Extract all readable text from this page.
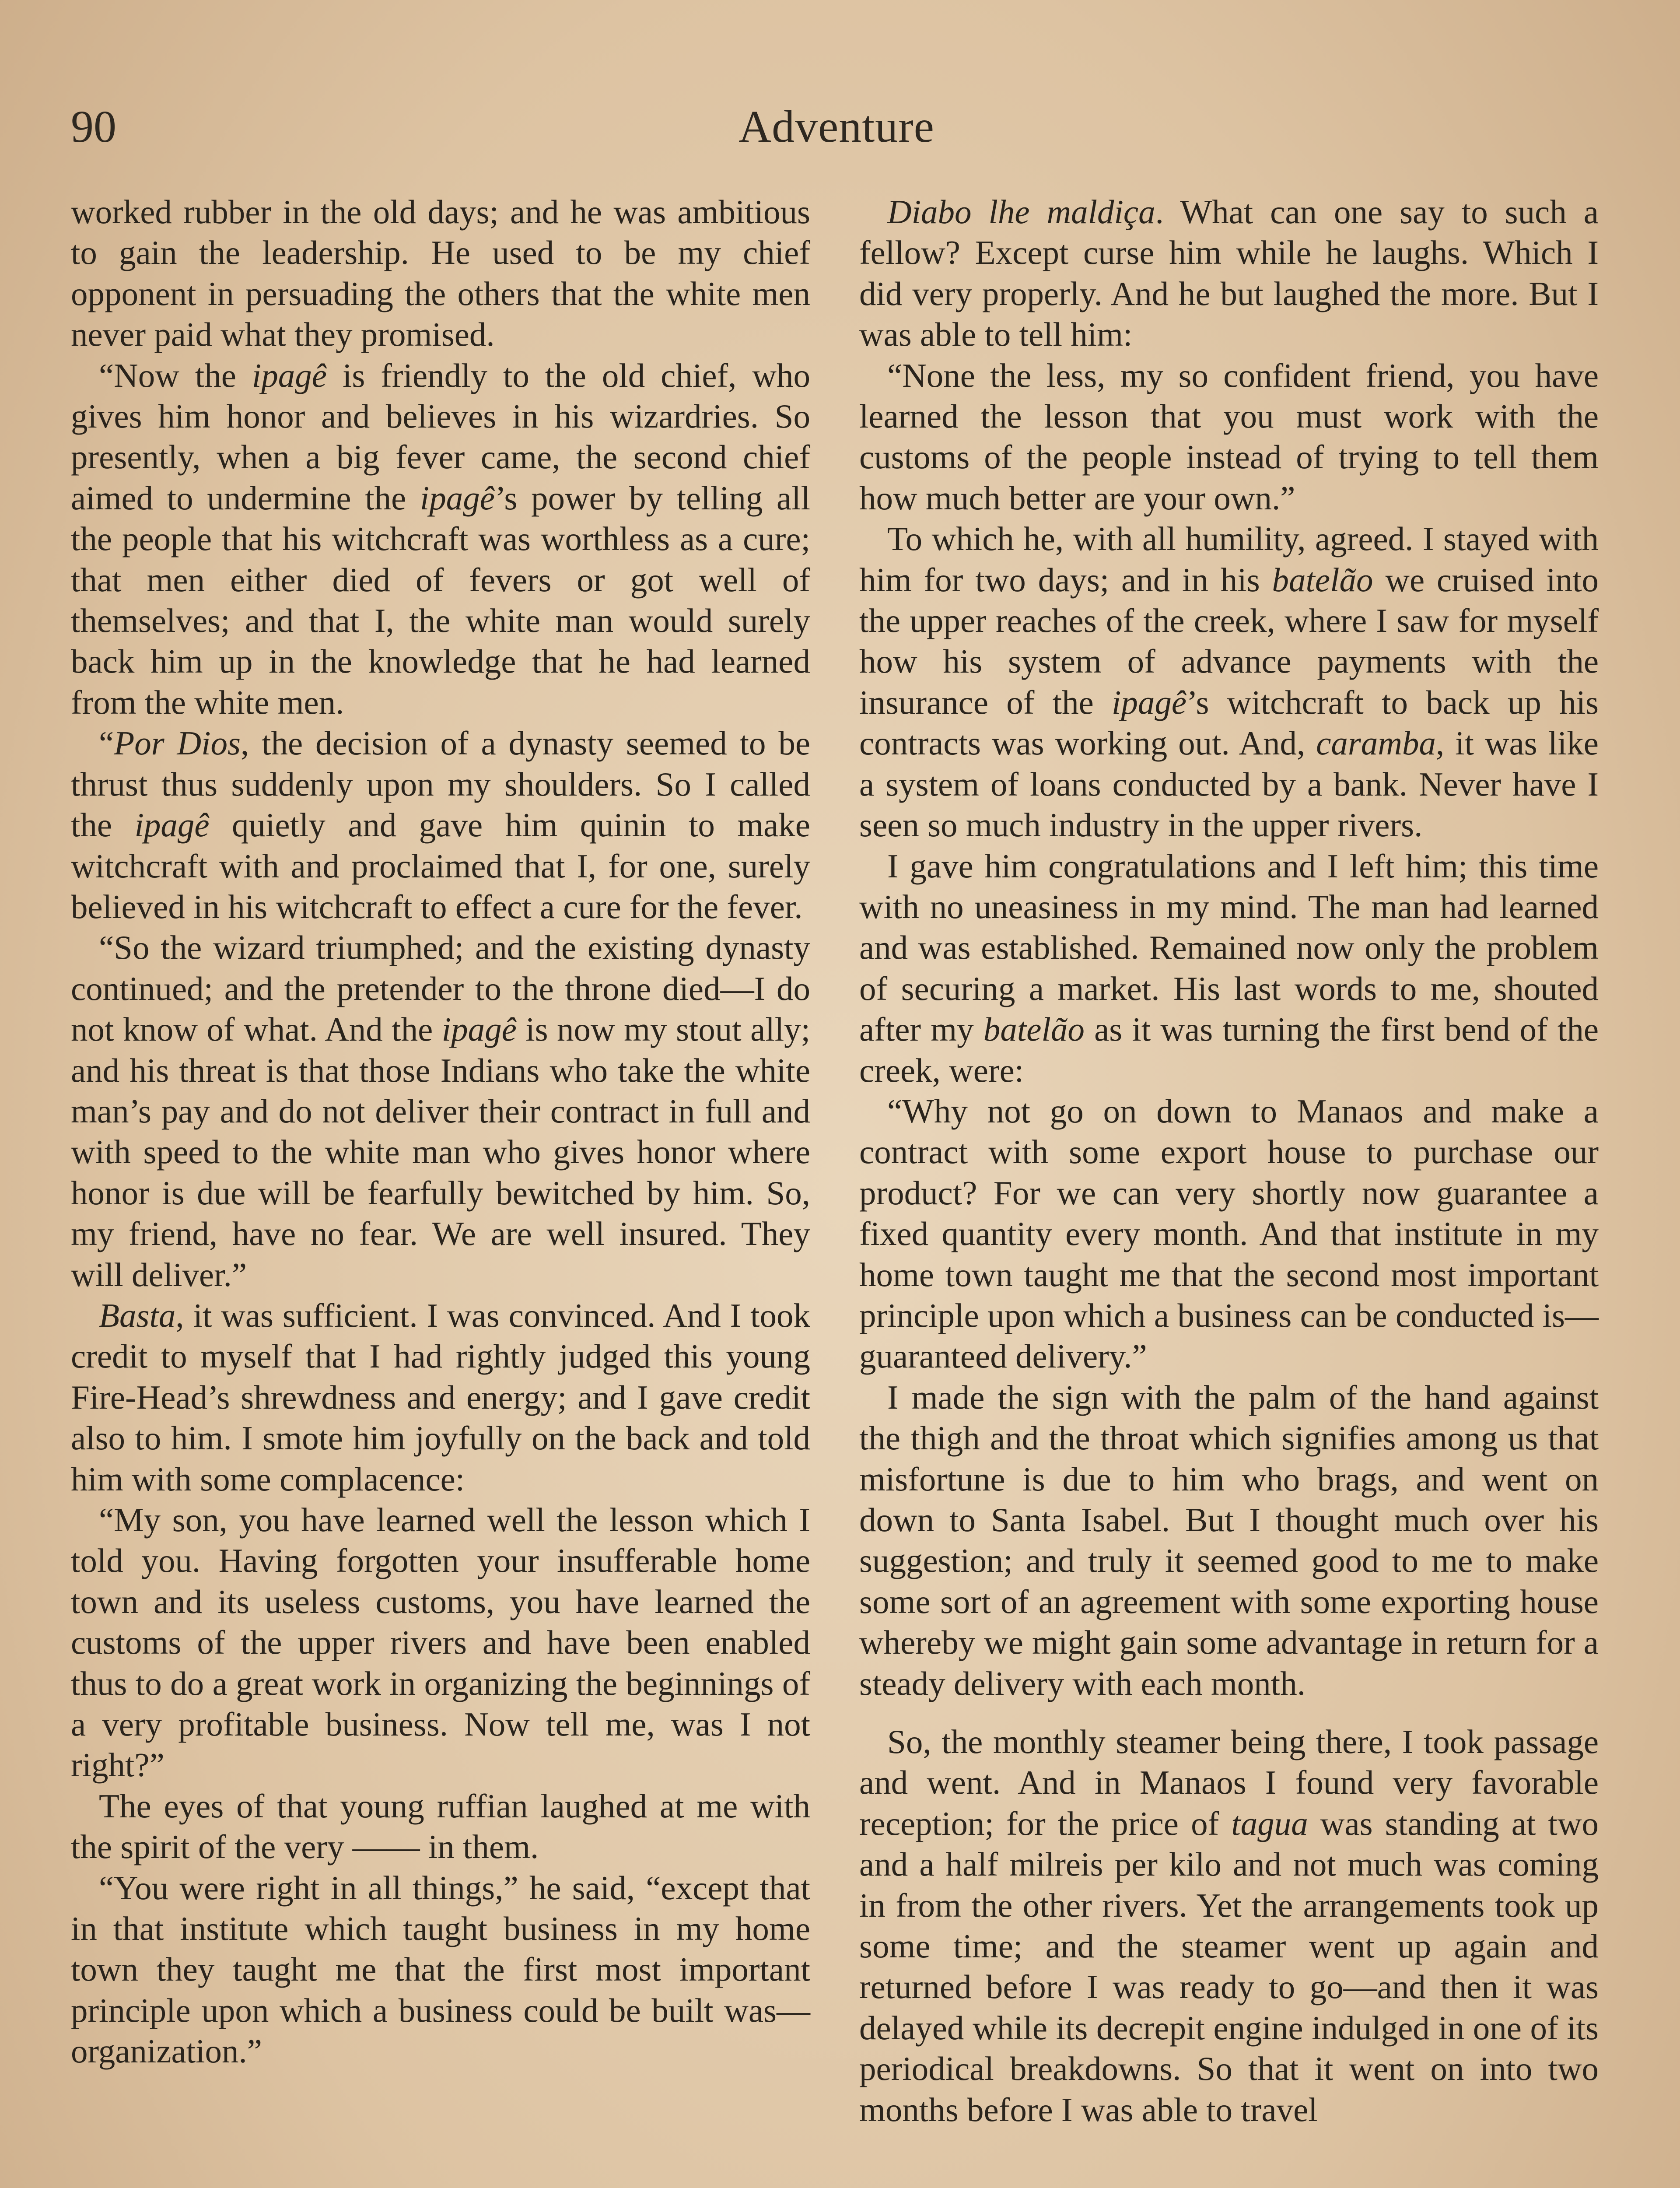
90	Adventure

worked rubber in the old days; and he was ambitious to gain the leadership. He used to be my chief opponent in persuading the others that the white men never paid what they promised.

“Now the ipagê is friendly to the old chief, who gives him honor and believes in his wizardries. So presently, when a big fever came, the second chief aimed to undermine the ipagê’s power by telling all the people that his witchcraft was worthless as a cure; that men either died of fevers or got well of themselves; and that I, the white man would surely back him up in the knowledge that he had learned from the white men.

“Por Dios, the decision of a dynasty seemed to be thrust thus suddenly upon my shoulders. So I called the ipagê quietly and gave him quinin to make witchcraft with and proclaimed that I, for one, surely believed in his witchcraft to effect a cure for the fever.

“So the wizard triumphed; and the existing dynasty continued; and the pretender to the throne died—I do not know of what. And the ipagê is now my stout ally; and his threat is that those Indians who take the white man’s pay and do not deliver their contract in full and with speed to the white man who gives honor where honor is due will be fearfully bewitched by him. So, my friend, have no fear. We are well insured. They will deliver.”

Basta, it was sufficient. I was convinced. And I took credit to myself that I had rightly judged this young Fire-Head’s shrewdness and energy; and I gave credit also to him. I smote him joyfully on the back and told him with some complacence:

“My son, you have learned well the lesson which I told you. Having forgotten your insufferable home town and its useless customs, you have learned the customs of the upper rivers and have been enabled thus to do a great work in organizing the beginnings of a very profitable business. Now tell me, was I not right?”

The eyes of that young ruffian laughed at me with the spirit of the very —— in them.

“You were right in all things,” he said, “except that in that institute which taught business in my home town they taught me that the first most important principle upon which a business could be built was—organization.”

Diabo lhe maldiça. What can one say to such a fellow? Except curse him while he laughs. Which I did very properly. And he but laughed the more. But I was able to tell him:

“None the less, my so confident friend, you have learned the lesson that you must work with the customs of the people instead of trying to tell them how much better are your own.”

To which he, with all humility, agreed. I stayed with him for two days; and in his batelão we cruised into the upper reaches of the creek, where I saw for myself how his system of advance payments with the insurance of the ipagê’s witchcraft to back up his contracts was working out. And, caramba, it was like a system of loans conducted by a bank. Never have I seen so much industry in the upper rivers.

I gave him congratulations and I left him; this time with no uneasiness in my mind. The man had learned and was established. Remained now only the problem of securing a market. His last words to me, shouted after my batelão as it was turning the first bend of the creek, were:

“Why not go on down to Manaos and make a contract with some export house to purchase our product? For we can very shortly now guarantee a fixed quantity every month. And that institute in my home town taught me that the second most important principle upon which a business can be conducted is—guaranteed delivery.”

I made the sign with the palm of the hand against the thigh and the throat which signifies among us that misfortune is due to him who brags, and went on down to Santa Isabel. But I thought much over his suggestion; and truly it seemed good to me to make some sort of an agreement with some exporting house whereby we might gain some advantage in return for a steady delivery with each month.

So, the monthly steamer being there, I took passage and went. And in Manaos I found very favorable reception; for the price of tagua was standing at two and a half milreis per kilo and not much was coming in from the other rivers. Yet the arrangements took up some time; and the steamer went up again and returned before I was ready to go—and then it was delayed while its decrepit engine indulged in one of its periodical breakdowns. So that it went on into two months before I was able to travel
